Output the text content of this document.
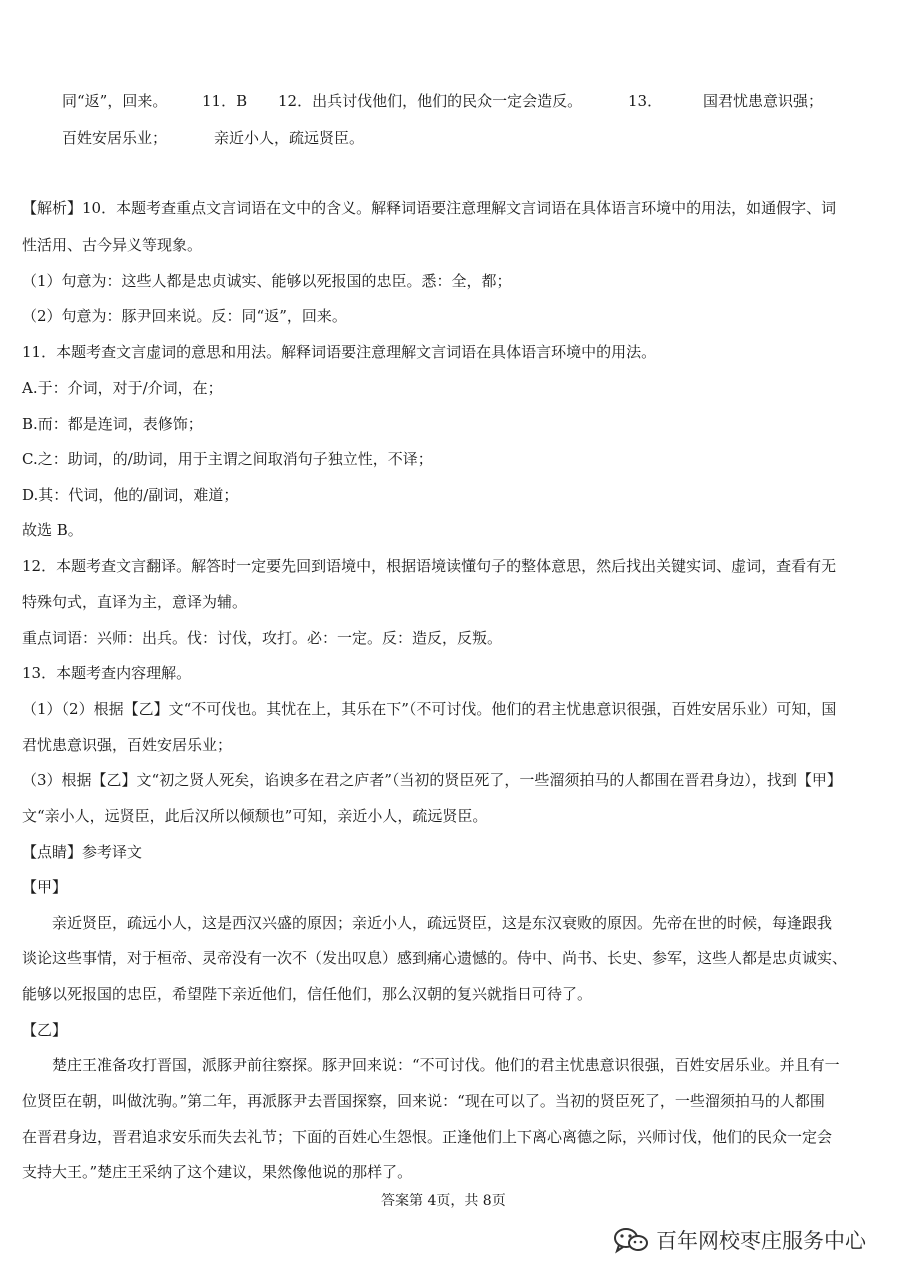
同“返”，回来。 11．B 12．出兵讨伐他们，他们的民众一定会造反。	13．	国君忧患意识强；
百姓安居乐业；	亲近小人，疏远贤臣。
【解析】10．本题考查重点文言词语在文中的含义。解释词语要注意理解文言词语在具体语言环境中的用法，如通假字、词
性活用、古今异义等现象。
（1）句意为：这些人都是忠贞诚实、能够以死报国的忠臣。悉：全，都；
（2）句意为：豚尹回来说。反：同“返”，回来。
11．本题考查文言虚词的意思和用法。解释词语要注意理解文言词语在具体语言环境中的用法。
A.于：介词，对于/介词，在；
B.而：都是连词，表修饰；
C.之：助词，的/助词，用于主谓之间取消句子独立性，不译；
D.其：代词，他的/副词，难道；
故选 B。
12．本题考查文言翻译。解答时一定要先回到语境中，根据语境读懂句子的整体意思，然后找出关键实词、虚词，查看有无
特殊句式，直译为主，意译为辅。
重点词语：兴师：出兵。伐：讨伐，攻打。必：一定。反：造反，反叛。
13．本题考查内容理解。
（1）（2）根据【乙】文“不可伐也。其忧在上，其乐在下”（不可讨伐。他们的君主忧患意识很强，百姓安居乐业）可知，国
君忧患意识强，百姓安居乐业；
（3）根据【乙】文“初之贤人死矣，谄谀多在君之庐者”（当初的贤臣死了，一些溜须拍马的人都围在晋君身边），找到【甲】
文“亲小人，远贤臣，此后汉所以倾颓也”可知，亲近小人，疏远贤臣。
【点睛】参考译文
【甲】
亲近贤臣，疏远小人，这是西汉兴盛的原因；亲近小人，疏远贤臣，这是东汉衰败的原因。先帝在世的时候，每逢跟我
谈论这些事情，对于桓帝、灵帝没有一次不（发出叹息）感到痛心遗憾的。侍中、尚书、长史、参军，这些人都是忠贞诚实、
能够以死报国的忠臣，希望陛下亲近他们，信任他们，那么汉朝的复兴就指日可待了。
【乙】
楚庄王准备攻打晋国，派豚尹前往察探。豚尹回来说：“不可讨伐。他们的君主忧患意识很强，百姓安居乐业。并且有一
位贤臣在朝，叫做沈驹。”第二年，再派豚尹去晋国探察，回来说：“现在可以了。当初的贤臣死了，一些溜须拍马的人都围
在晋君身边，晋君追求安乐而失去礼节；下面的百姓心生怨恨。正逢他们上下离心离德之际，兴师讨伐，他们的民众一定会
支持大王。”楚庄王采纳了这个建议，果然像他说的那样了。
答案第 4页，共 8页
百年网校枣庄服务中心
